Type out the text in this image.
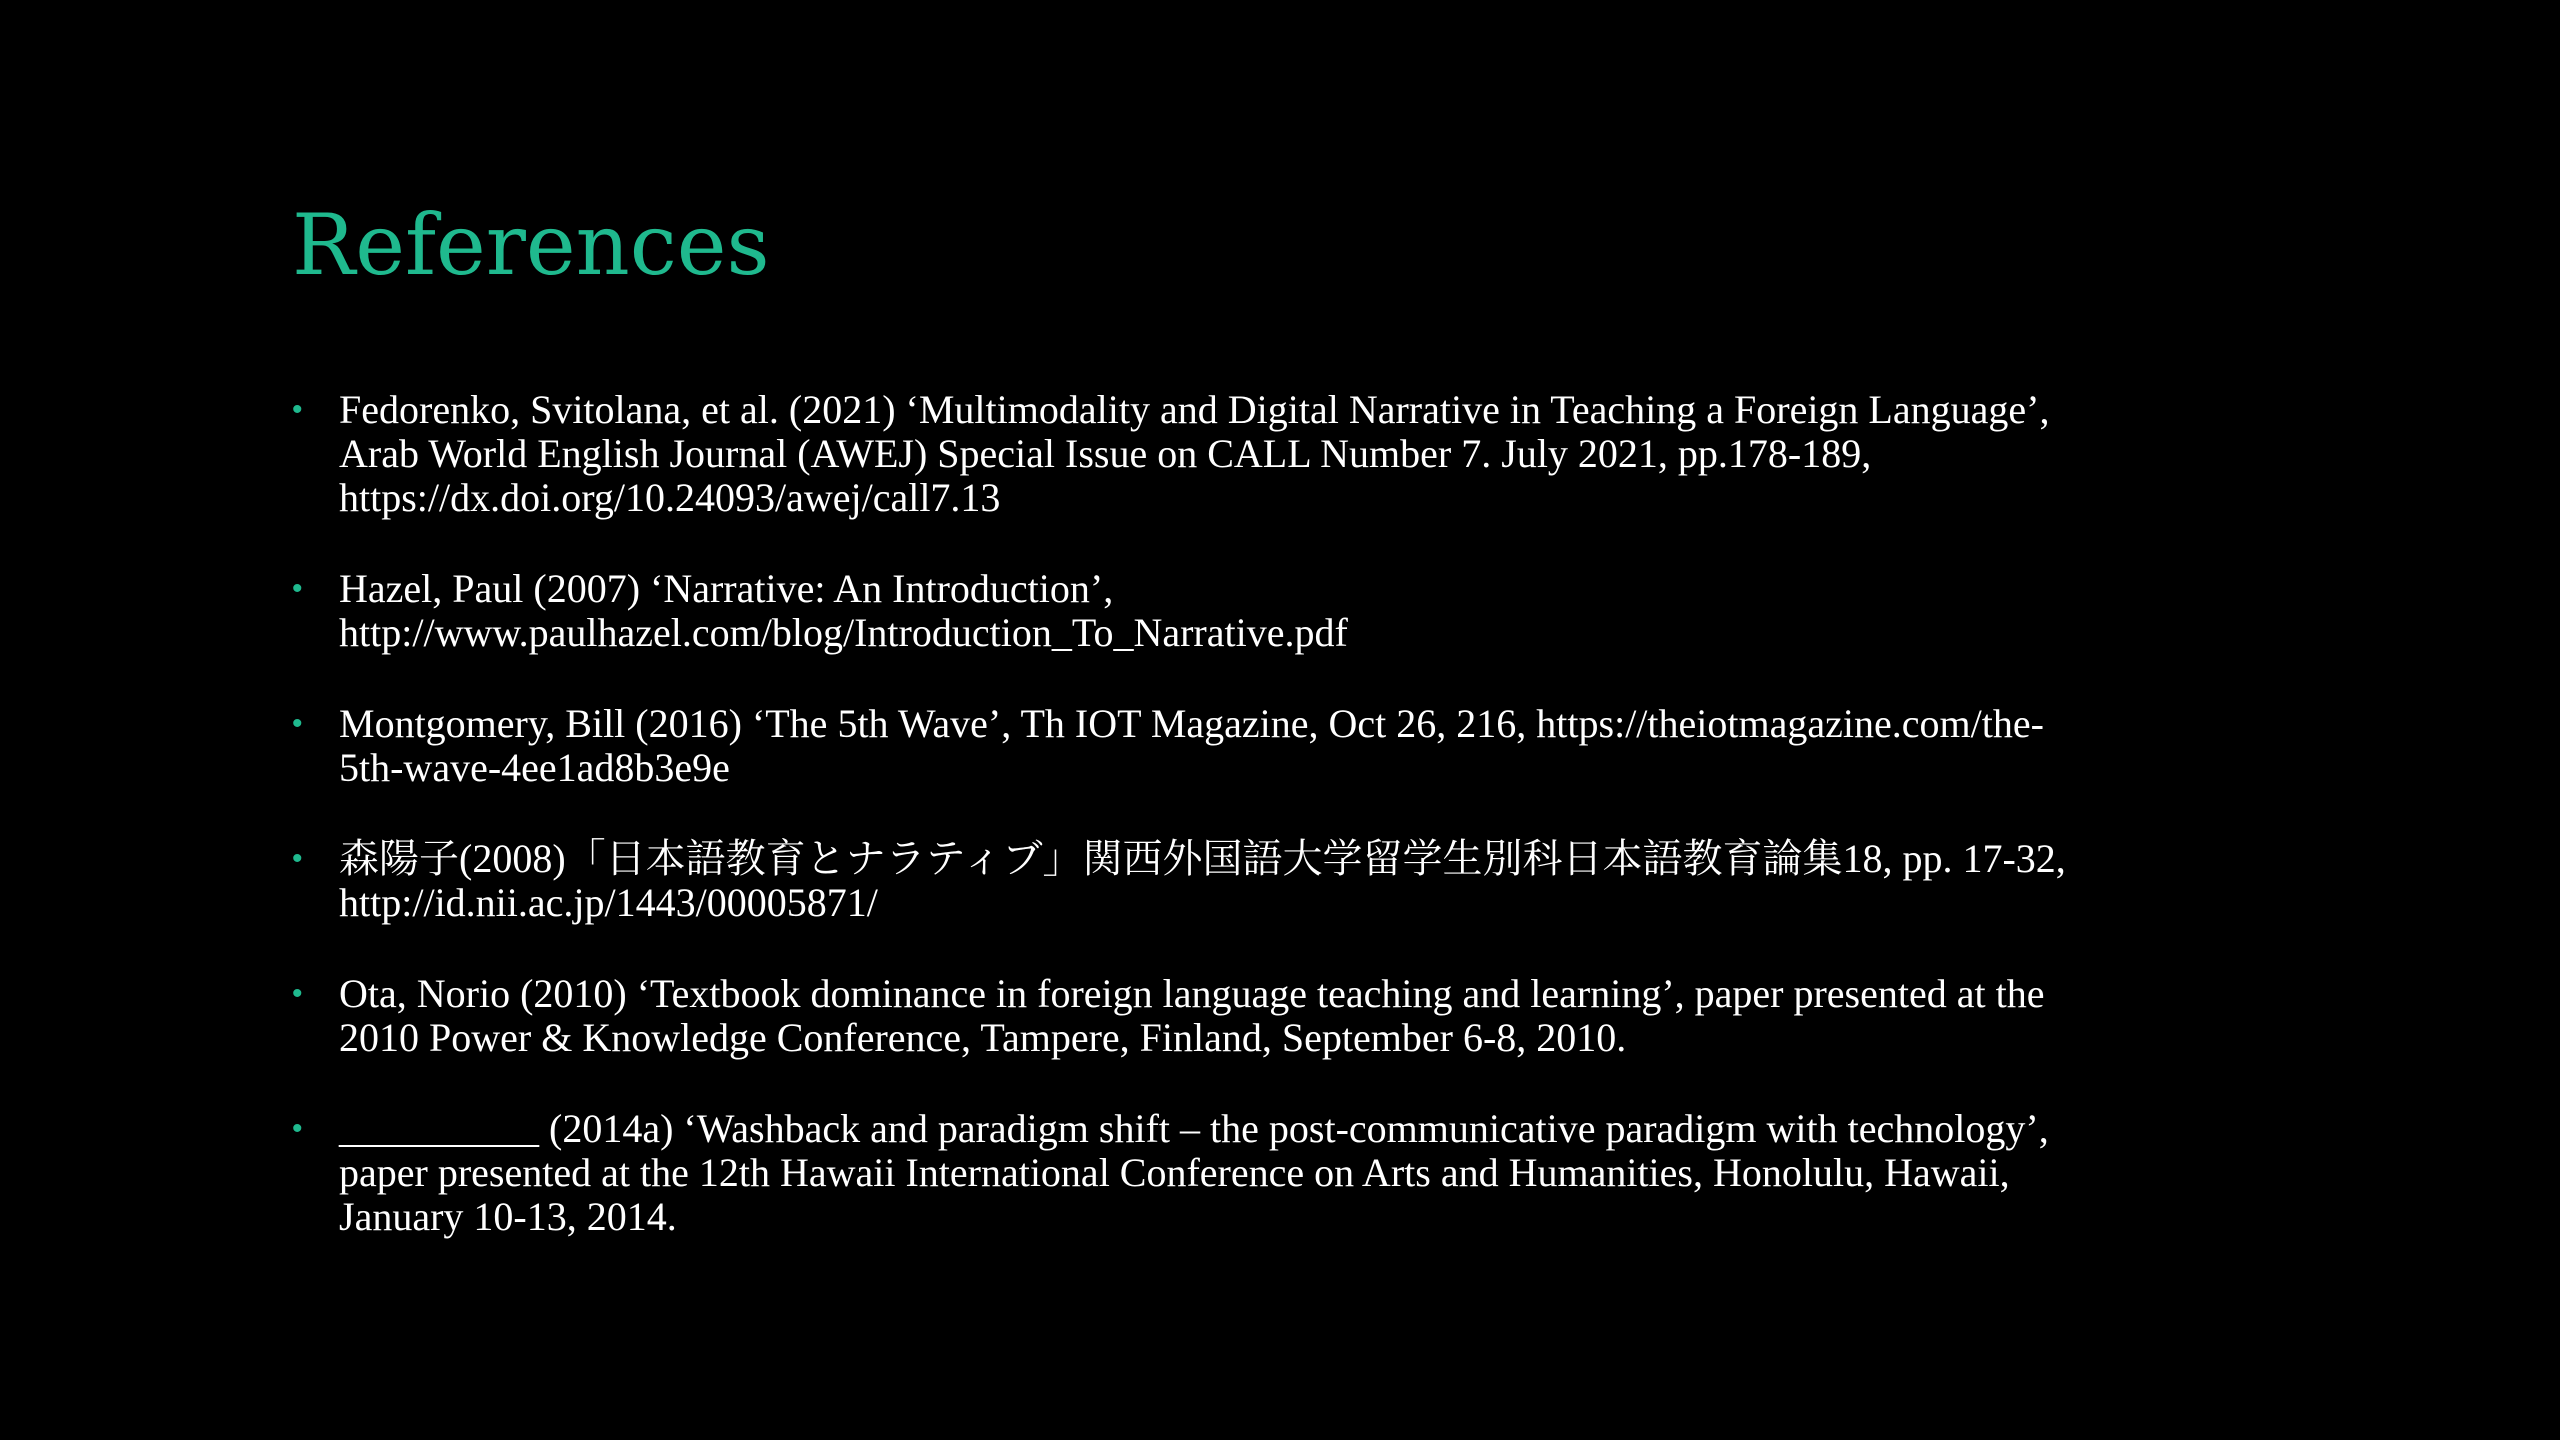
References
• Fedorenko, Svitolana, et al. (2021) ‘Multimodality and Digital Narrative in Teaching a Foreign Language’,
Arab World English Journal (AWEJ) Special Issue on CALL Number 7. July 2021, pp.178-189,
https://dx.doi.org/10.24093/awej/call7.13
• Hazel, Paul (2007) ‘Narrative: An Introduction’,
http://www.paulhazel.com/blog/Introduction_To_Narrative.pdf
• Montgomery, Bill (2016) ‘The 5th Wave’, Th IOT Magazine, Oct 26, 216, https://theiotmagazine.com/the-
5th-wave-4ee1ad8b3e9e
• 森陽子(2008)「日本語教育とナラティブ」関西外国語大学留学生別科日本語教育論集18, pp. 17-32,
http://id.nii.ac.jp/1443/00005871/
• Ota, Norio (2010) ‘Textbook dominance in foreign language teaching and learning’, paper presented at the
2010 Power & Knowledge Conference, Tampere, Finland, September 6-8, 2010.
• __________ (2014a) ‘Washback and paradigm shift – the post-communicative paradigm with technology’,
paper presented at the 12th Hawaii International Conference on Arts and Humanities, Honolulu, Hawaii,
January 10-13, 2014.
